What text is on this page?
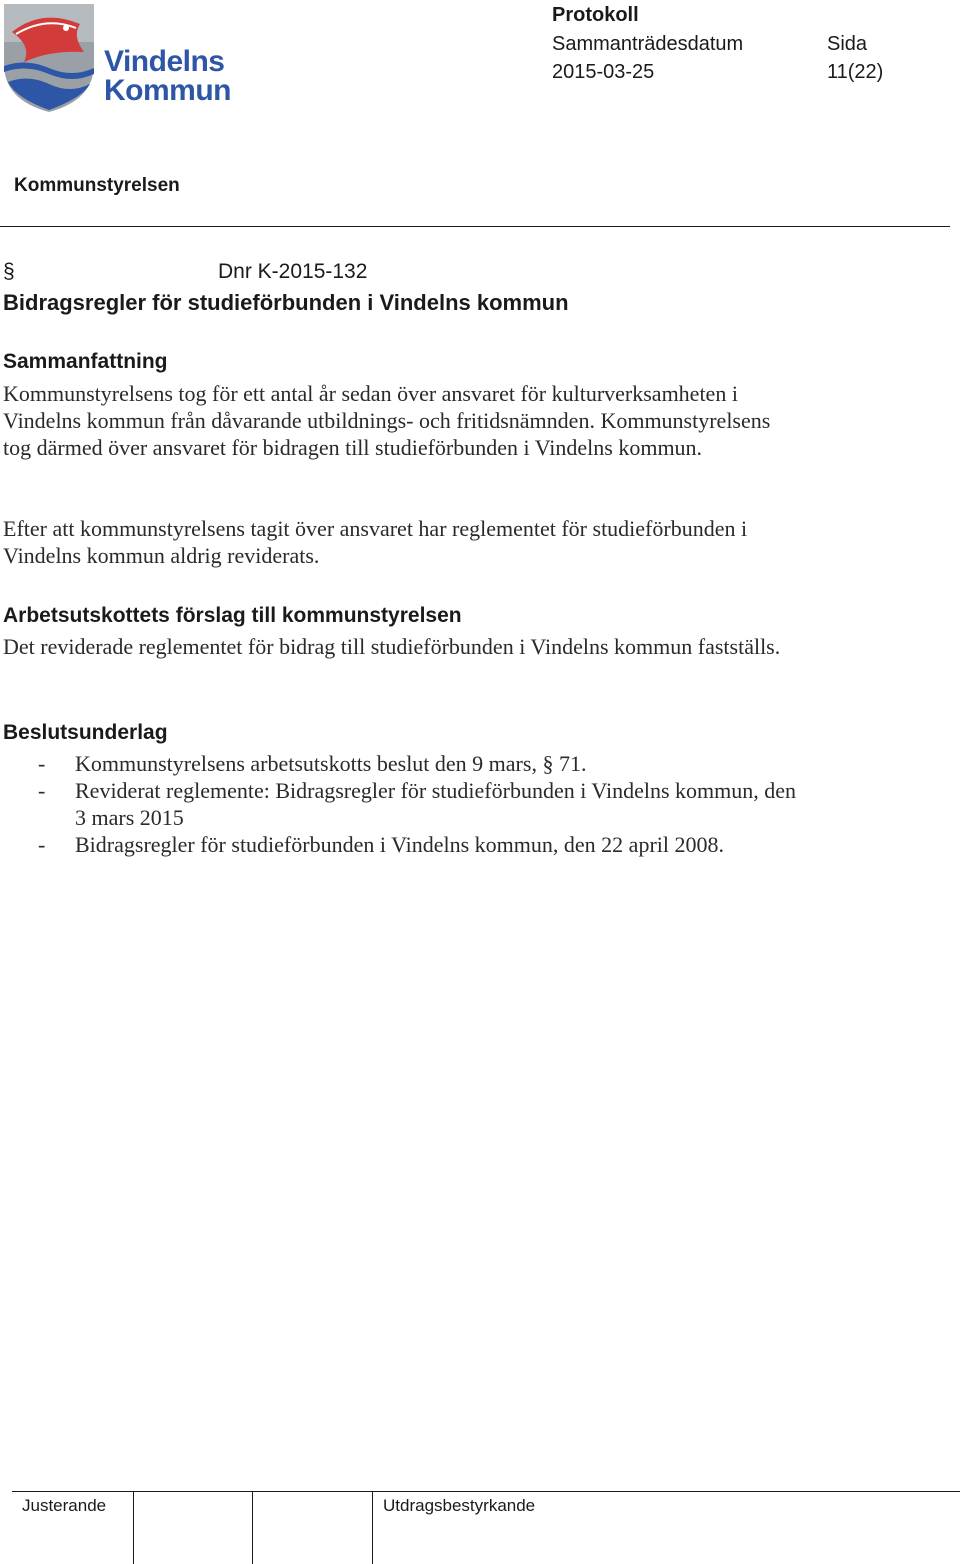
Vindelns
Kommun
Protokoll
Sammanträdesdatum
2015-03-25
Sida
11(22)
Kommunstyrelsen
§	Dnr K-2015-132
Bidragsregler för studieförbunden i Vindelns kommun
Sammanfattning
Kommunstyrelsens tog för ett antal år sedan över ansvaret för kulturverksamheten i Vindelns kommun från dåvarande utbildnings- och fritidsnämnden. Kommunstyrelsens tog därmed över ansvaret för bidragen till studieförbunden i Vindelns kommun.
Efter att kommunstyrelsens tagit över ansvaret har reglementet för studieförbunden i Vindelns kommun aldrig reviderats.
Arbetsutskottets förslag till kommunstyrelsen
Det reviderade reglementet för bidrag till studieförbunden i Vindelns kommun fastställs.
Beslutsunderlag
- Kommunstyrelsens arbetsutskotts beslut den 9 mars, § 71.
- Reviderat reglemente: Bidragsregler för studieförbunden i Vindelns kommun, den 3 mars 2015
- Bidragsregler för studieförbunden i Vindelns kommun, den 22 april 2008.
Justerande	Utdragsbestyrkande
